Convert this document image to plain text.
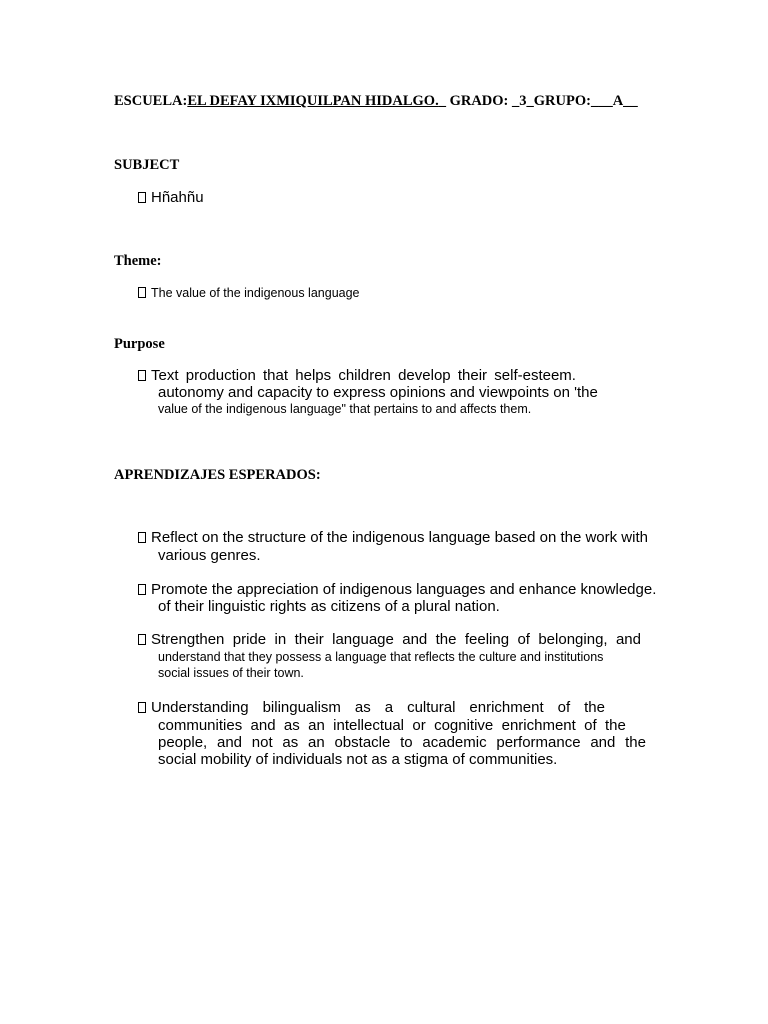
ESCUELA:EL DEFAY IXMIQUILPAN HIDALGO._ GRADO: _3_GRUPO:___A__
SUBJECT
Hñahñu
Theme:
The value of the indigenous language
Purpose
Text production that helps children develop their self-esteem.
autonomy and capacity to express opinions and viewpoints on 'the
value of the indigenous language" that pertains to and affects them.
APRENDIZAJES ESPERADOS:
Reflect on the structure of the indigenous language based on the work with
various genres.
Promote the appreciation of indigenous languages and enhance knowledge.
of their linguistic rights as citizens of a plural nation.
Strengthen pride in their language and the feeling of belonging, and
understand that they possess a language that reflects the culture and institutions
social issues of their town.
Understanding bilingualism as a cultural enrichment of the
communities and as an intellectual or cognitive enrichment of the
people, and not as an obstacle to academic performance and the
social mobility of individuals not as a stigma of communities.
